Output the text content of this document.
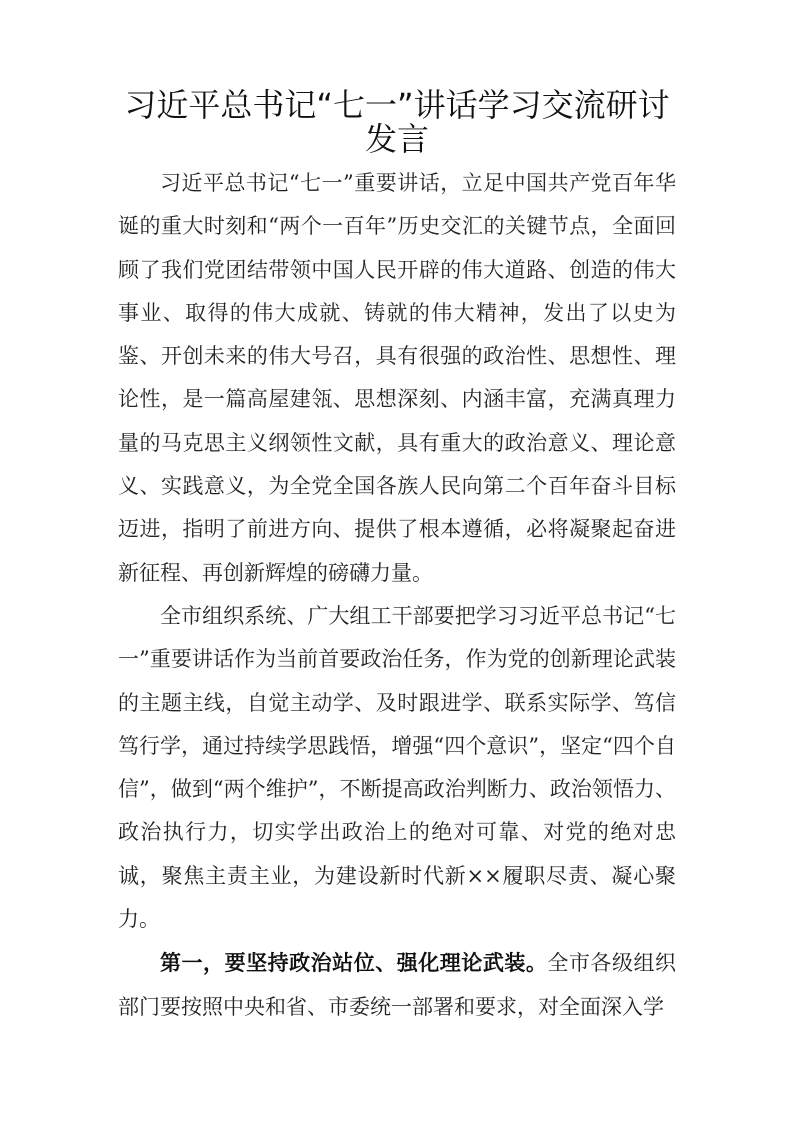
习近平总书记“七一”讲话学习交流研讨发言

习近平总书记“七一”重要讲话，立足中国共产党百年华诞的重大时刻和“两个一百年”历史交汇的关键节点，全面回顾了我们党团结带领中国人民开辟的伟大道路、创造的伟大事业、取得的伟大成就、铸就的伟大精神，发出了以史为鉴、开创未来的伟大号召，具有很强的政治性、思想性、理论性，是一篇高屋建瓴、思想深刻、内涵丰富，充满真理力量的马克思主义纲领性文献，具有重大的政治意义、理论意义、实践意义，为全党全国各族人民向第二个百年奋斗目标迈进，指明了前进方向、提供了根本遵循，必将凝聚起奋进新征程、再创新辉煌的磅礴力量。

全市组织系统、广大组工干部要把学习习近平总书记“七一”重要讲话作为当前首要政治任务，作为党的创新理论武装的主题主线，自觉主动学、及时跟进学、联系实际学、笃信笃行学，通过持续学思践悟，增强“四个意识”，坚定“四个自信”，做到“两个维护”，不断提高政治判断力、政治领悟力、政治执行力，切实学出政治上的绝对可靠、对党的绝对忠诚，聚焦主责主业，为建设新时代新××履职尽责、凝心聚力。

第一，要坚持政治站位、强化理论武装。全市各级组织部门要按照中央和省、市委统一部署和要求，对全面深入学
